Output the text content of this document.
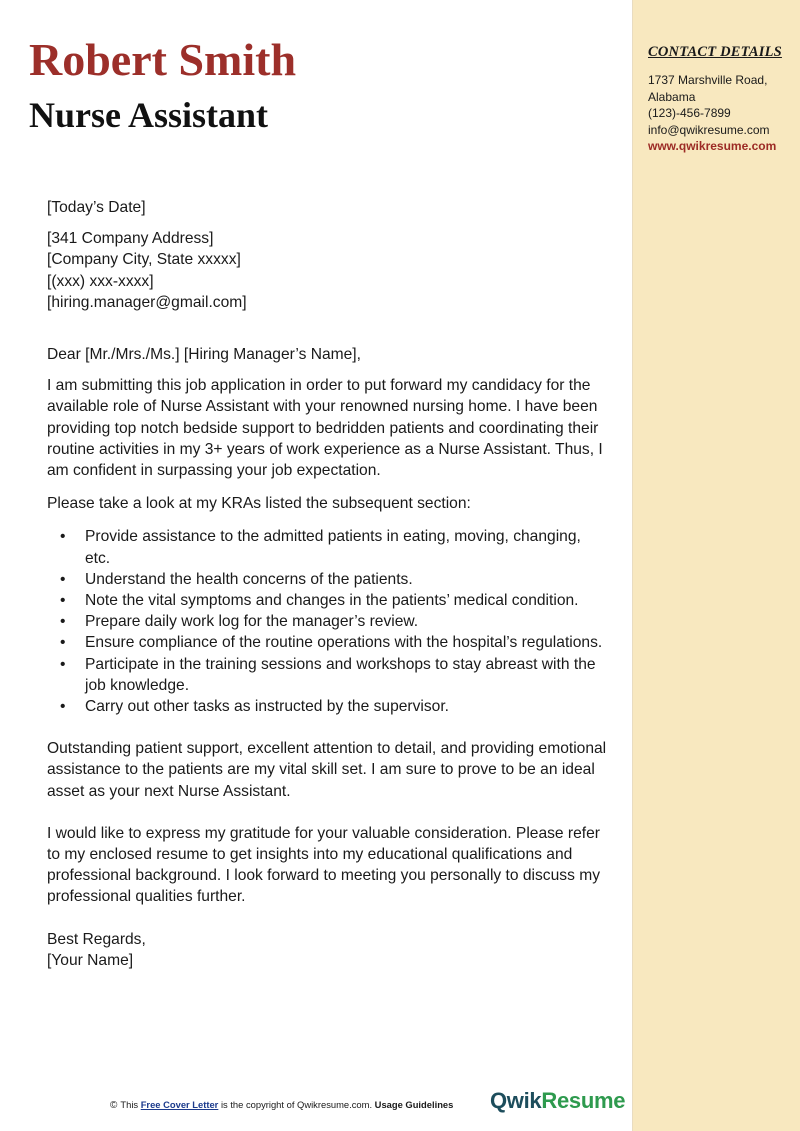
CONTACT DETAILS
1737 Marshville Road,
Alabama
(123)-456-7899
info@qwikresume.com
www.qwikresume.com
Robert Smith
Nurse Assistant

[Today’s Date]

[341 Company Address]

[Company City, State xxxxx]

[(xxx) xxx-xxxx]

[hiring.manager@gmail.com]

Dear [Mr./Mrs./Ms.] [Hiring Manager’s Name],

I am submitting this job application in order to put forward my candidacy for the available role of Nurse Assistant with your renowned nursing home. I have been providing top notch bedside support to bedridden patients and coordinating their routine activities in my 3+ years of work experience as a Nurse Assistant. Thus, I am confident in surpassing your job expectation.

Please take a look at my KRAs listed the subsequent section:

• Provide assistance to the admitted patients in eating, moving, changing, etc.
• Understand the health concerns of the patients.
• Note the vital symptoms and changes in the patients’ medical condition.
• Prepare daily work log for the manager’s review.
• Ensure compliance of the routine operations with the hospital’s regulations.
• Participate in the training sessions and workshops to stay abreast with the job knowledge.
• Carry out other tasks as instructed by the supervisor.

Outstanding patient support, excellent attention to detail, and providing emotional assistance to the patients are my vital skill set. I am sure to prove to be an ideal asset as your next Nurse Assistant.

I would like to express my gratitude for your valuable consideration. Please refer to my enclosed resume to get insights into my educational qualifications and professional background. I look forward to meeting you personally to discuss my professional qualities further.

Best Regards,

[Your Name]

© This Free Cover Letter is the copyright of Qwikresume.com. Usage Guidelines QwikResume
